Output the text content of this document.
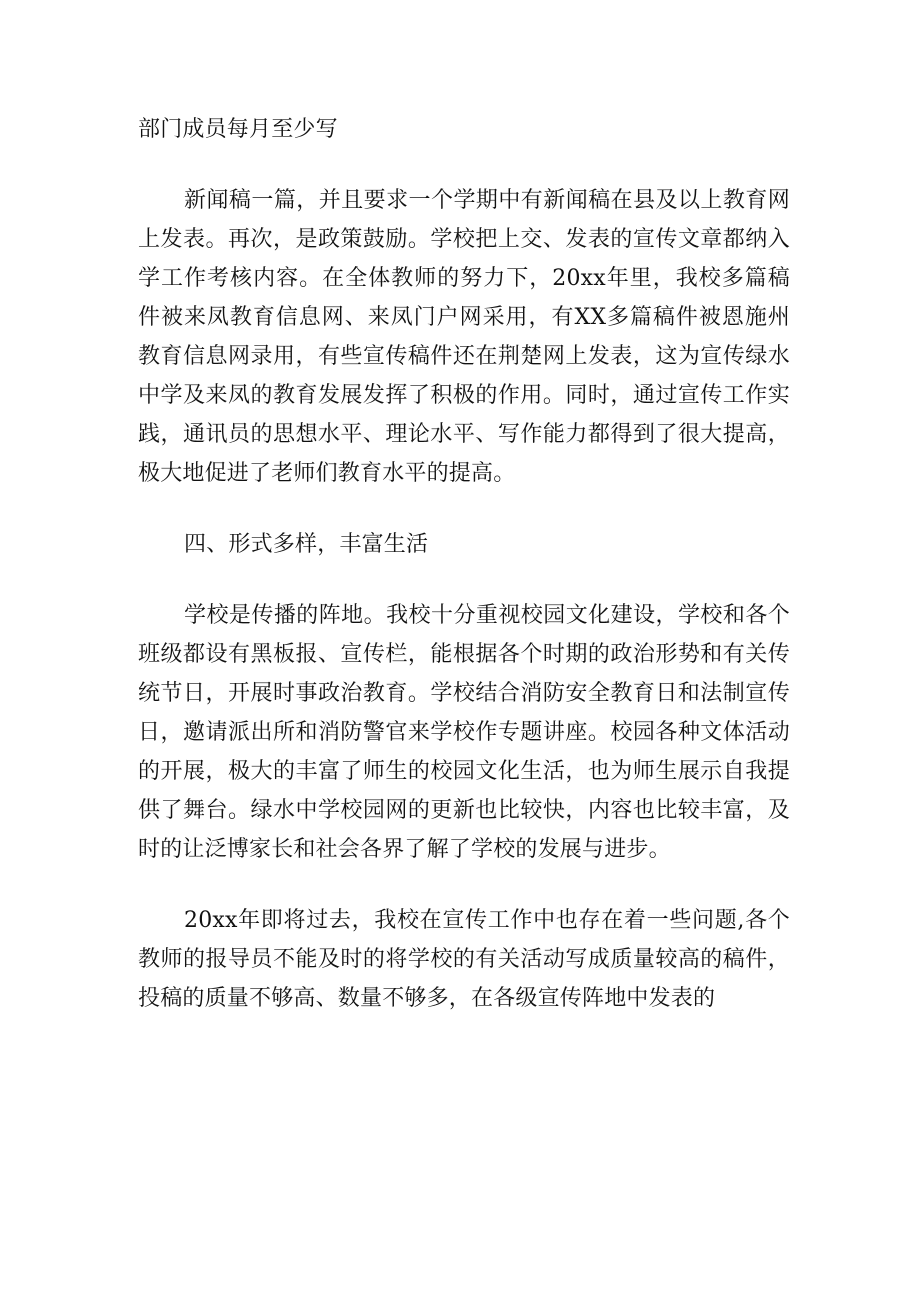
部门成员每月至少写

新闻稿一篇，并且要求一个学期中有新闻稿在县及以上教育网上发表。再次，是政策鼓励。学校把上交、发表的宣传文章都纳入学工作考核内容。在全体教师的努力下，20xx年里，我校多篇稿件被来凤教育信息网、来凤门户网采用，有XX多篇稿件被恩施州教育信息网录用，有些宣传稿件还在荆楚网上发表，这为宣传绿水中学及来凤的教育发展发挥了积极的作用。同时，通过宣传工作实践，通讯员的思想水平、理论水平、写作能力都得到了很大提高，极大地促进了老师们教育水平的提高。

四、形式多样，丰富生活

学校是传播的阵地。我校十分重视校园文化建设，学校和各个班级都设有黑板报、宣传栏，能根据各个时期的政治形势和有关传统节日，开展时事政治教育。学校结合消防安全教育日和法制宣传日，邀请派出所和消防警官来学校作专题讲座。校园各种文体活动的开展，极大的丰富了师生的校园文化生活，也为师生展示自我提供了舞台。绿水中学校园网的更新也比较快，内容也比较丰富，及时的让泛博家长和社会各界了解了学校的发展与进步。

20xx年即将过去，我校在宣传工作中也存在着一些问题,各个教师的报导员不能及时的将学校的有关活动写成质量较高的稿件，投稿的质量不够高、数量不够多，在各级宣传阵地中发表的
